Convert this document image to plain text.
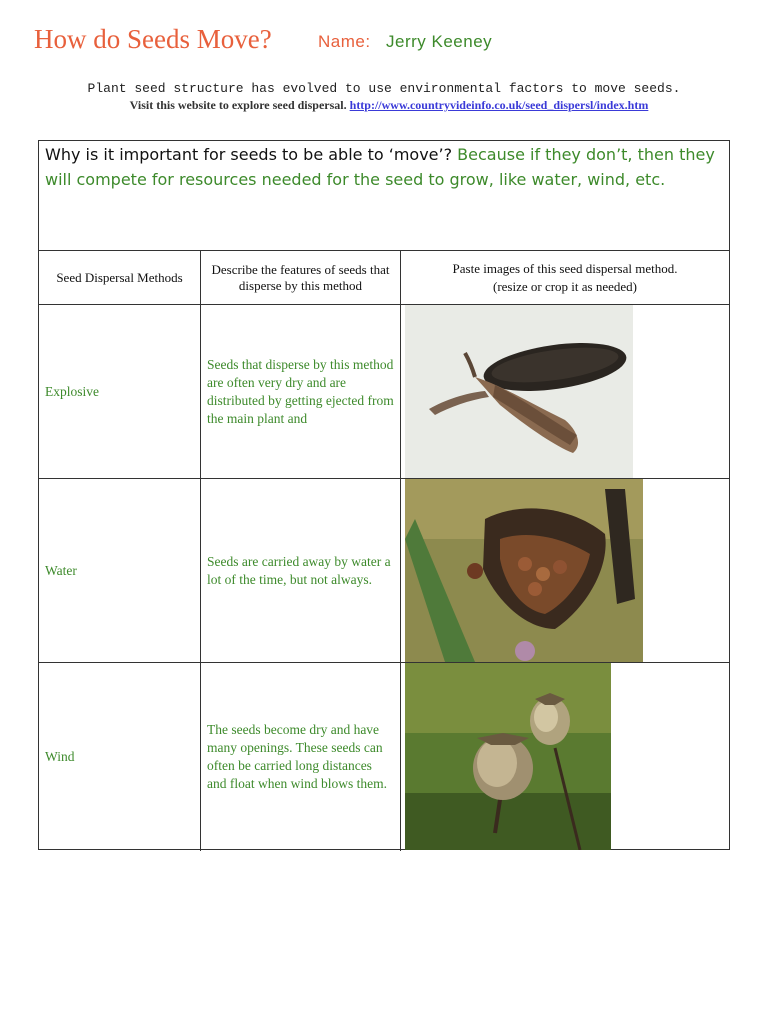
How do Seeds Move?	Name: Jerry Keeney
Plant seed structure has evolved to use environmental factors to move seeds.
Visit this website to explore seed dispersal. http://www.countryvideinfo.co.uk/seed_dispersl/index.htm
Why is it important for seeds to be able to ‘move’? Because if they don’t, then they will compete for resources needed for the seed to grow, like water, wind, etc.
Seed Dispersal Methods
Describe the features of seeds that disperse by this method
Paste images of this seed dispersal method. (resize or crop it as needed)
Explosive
Seeds that disperse by this method are often very dry and are distributed by getting ejected from the main plant and
Water
Seeds are carried away by water a lot of the time, but not always.
Wind
The seeds become dry and have many openings. These seeds can often be carried long distances and float when wind blows them.
